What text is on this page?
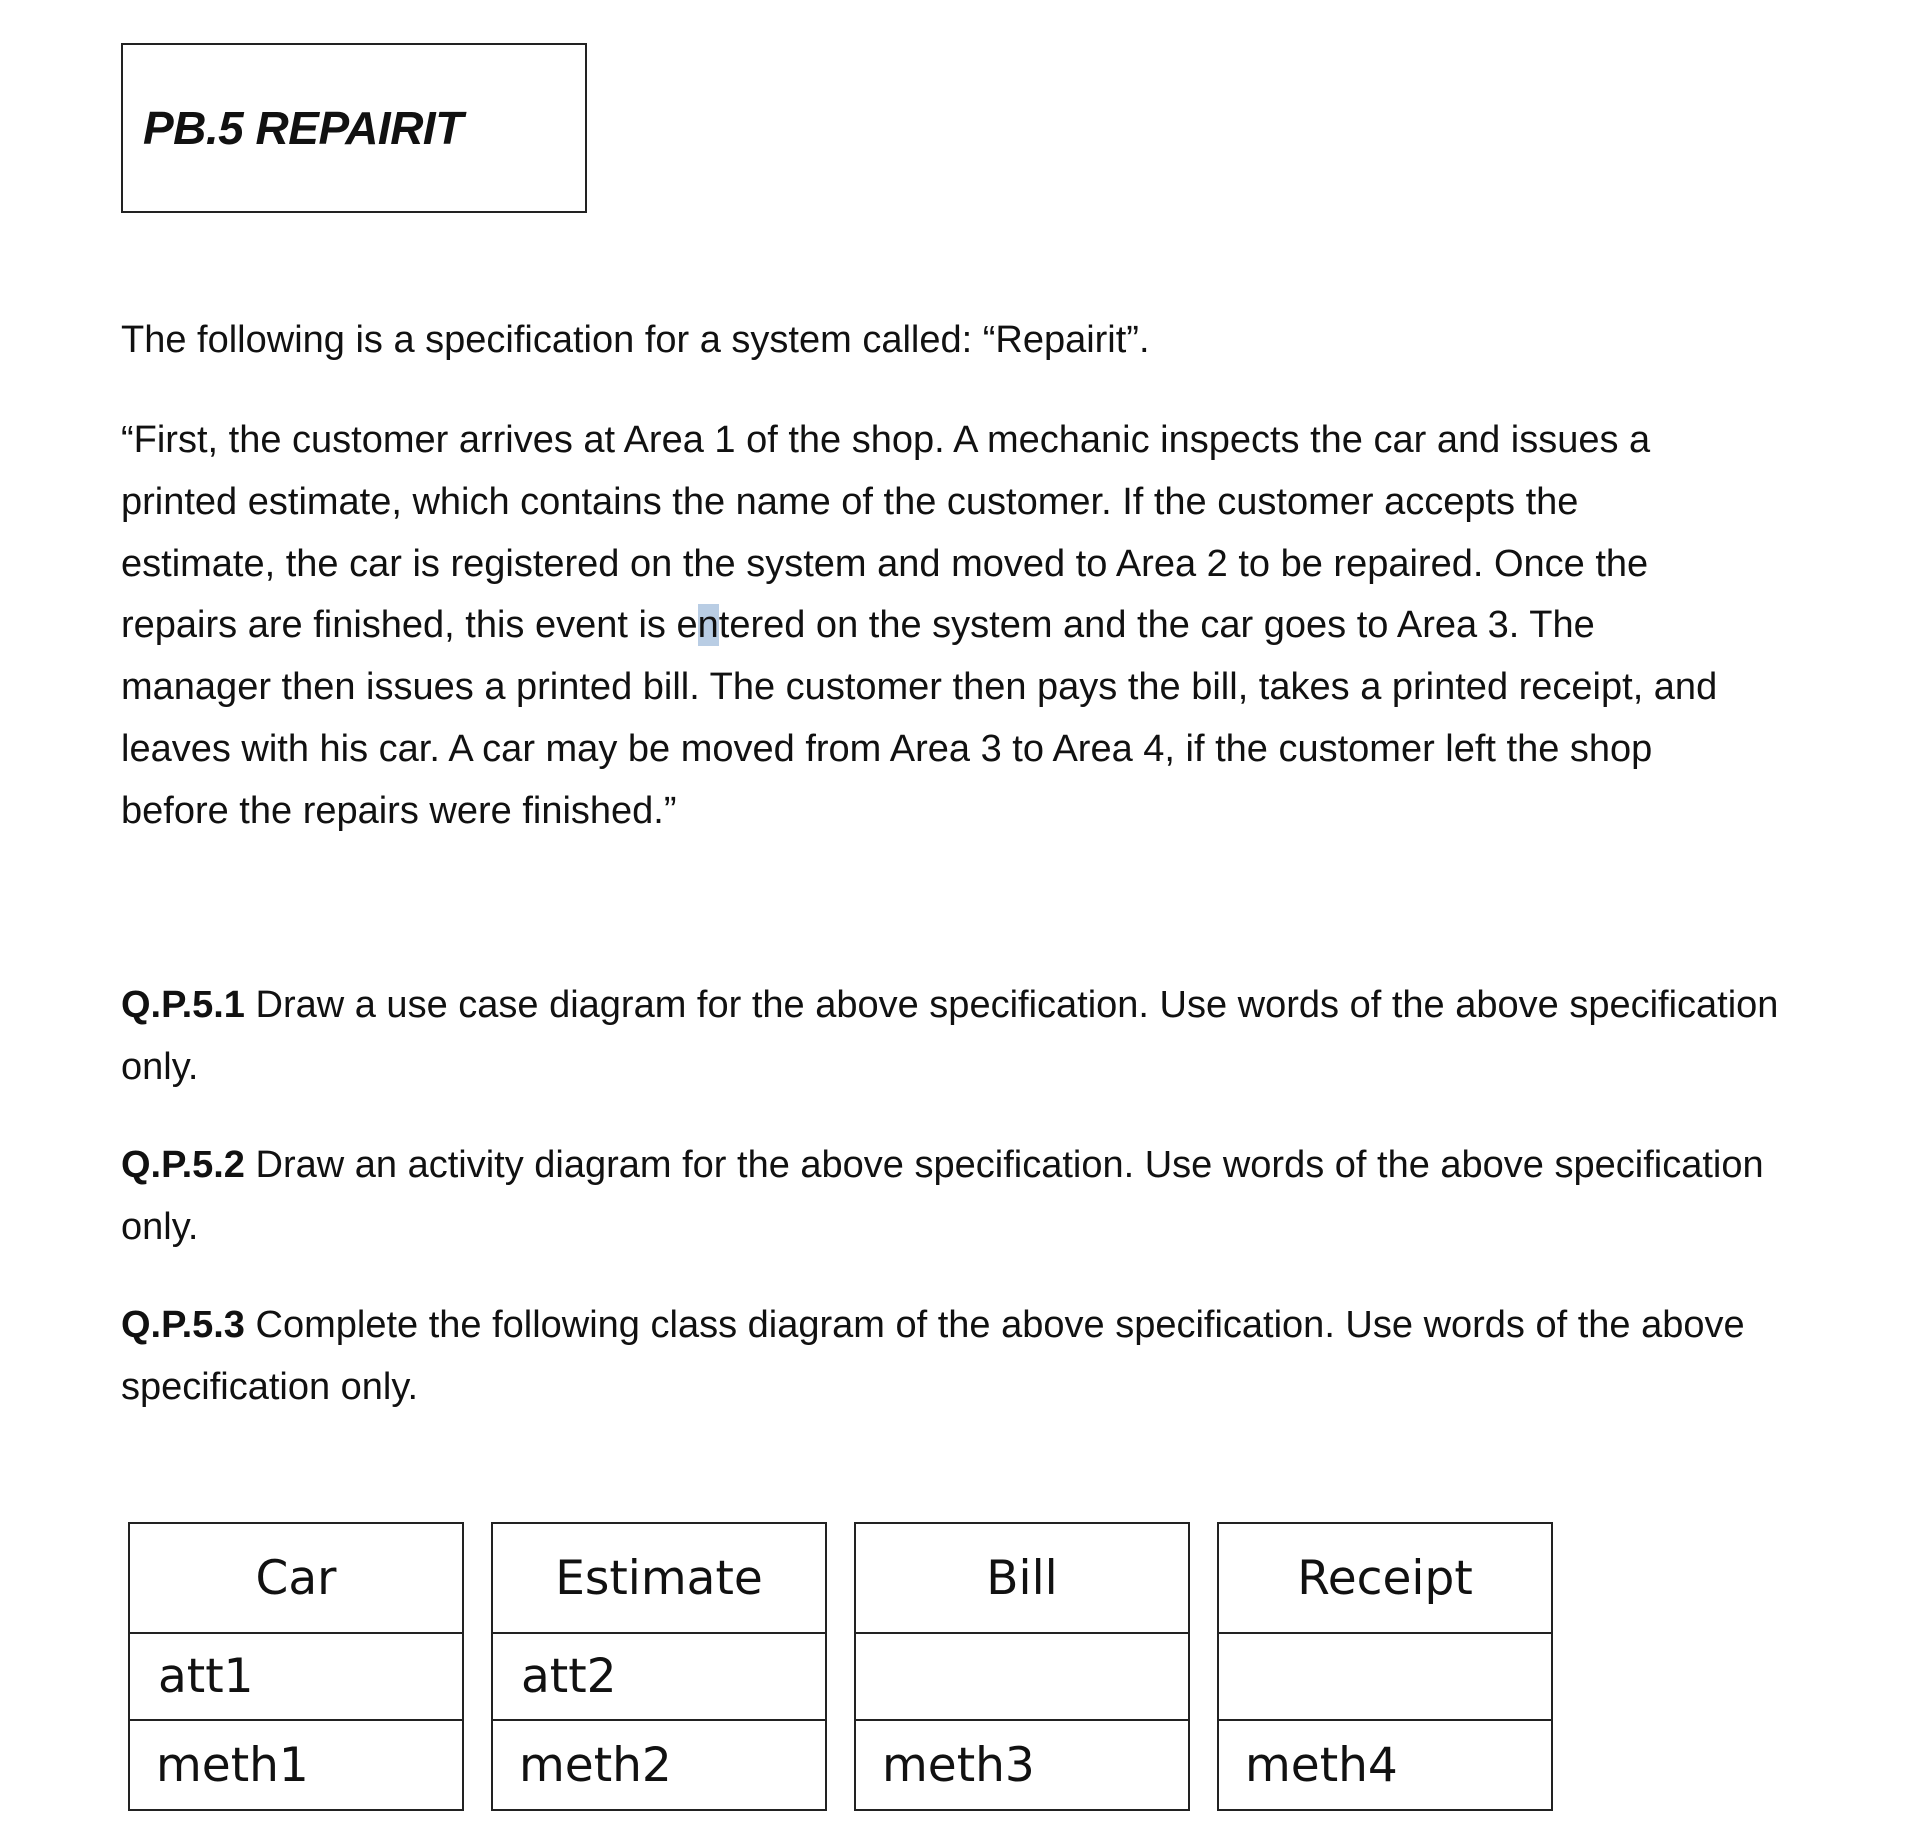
PB.5 REPAIRIT

The following is a specification for a system called: “Repairit”.

“First, the customer arrives at Area 1 of the shop. A mechanic inspects the car and issues a
printed estimate, which contains the name of the customer. If the customer accepts the
estimate, the car is registered on the system and moved to Area 2 to be repaired. Once the
repairs are finished, this event is entered on the system and the car goes to Area 3. The
manager then issues a printed bill. The customer then pays the bill, takes a printed receipt, and
leaves with his car. A car may be moved from Area 3 to Area 4, if the customer left the shop
before the repairs were finished.”

Q.P.5.1 Draw a use case diagram for the above specification. Use words of the above specification only.

Q.P.5.2 Draw an activity diagram for the above specification. Use words of the above specification only.

Q.P.5.3 Complete the following class diagram of the above specification. Use words of the above specification only.

Car
att1
meth1
Estimate
att2
meth2
Bill
meth3
Receipt
meth4
